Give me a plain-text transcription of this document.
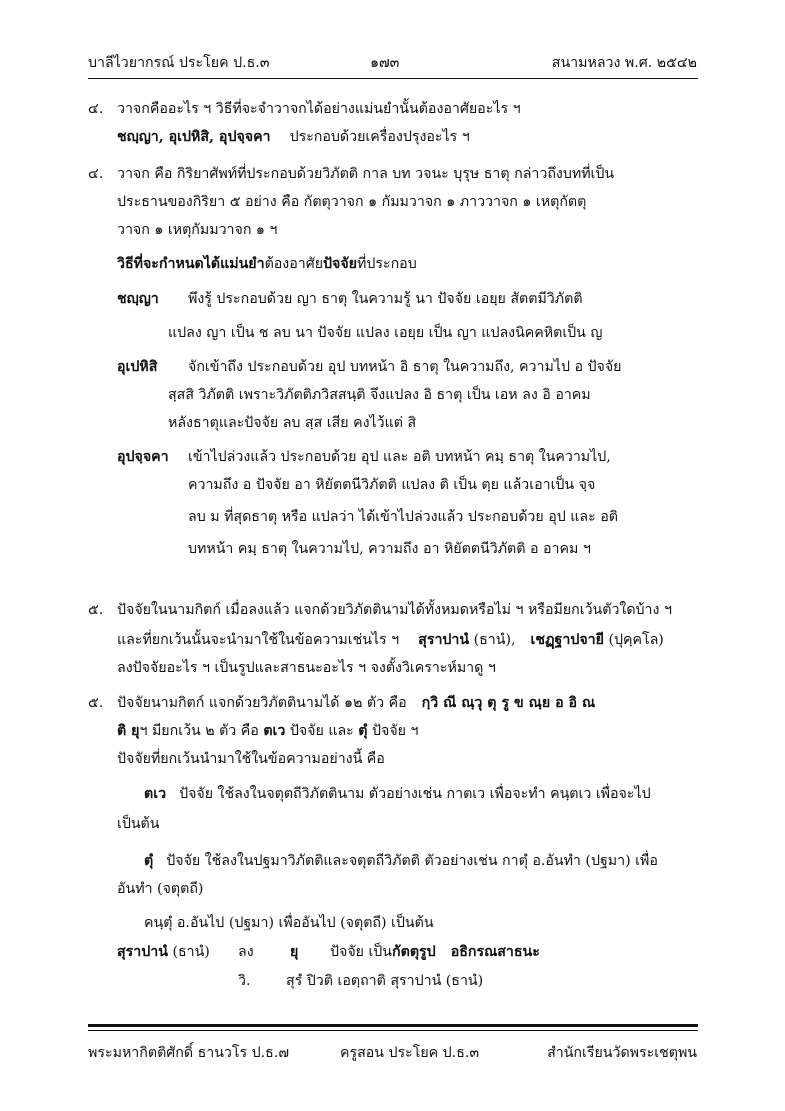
บาลีไวยากรณ์ ประโยค ป.ธ.๓	๑๗๓	สนามหลวง พ.ศ. ๒๕๔๒
๔. วาจกคืออะไร ฯ วิธีที่จะจำวาจกได้อย่างแม่นยำนั้นต้องอาศัยอะไร ฯ
ชญฺญา, อุเปหิสิ, อุปจฺจคา ประกอบด้วยเครื่องปรุงอะไร ฯ
๔. วาจก คือ กิริยาศัพท์ที่ประกอบด้วยวิภัตติ กาล บท วจนะ บุรุษ ธาตุ กล่าวถึงบทที่เป็น
ประธานของกิริยา ๕ อย่าง คือ กัตตุวาจก ๑ กัมมวาจก ๑ ภาววาจก ๑ เหตุกัตตุ
วาจก ๑ เหตุกัมมวาจก ๑ ฯ
วิธีที่จะกำหนดได้แม่นยำต้องอาศัยปัจจัยที่ประกอบ
ชญฺญา พึงรู้ ประกอบด้วย ญา ธาตุ ในความรู้ นา ปัจจัย เอยฺย สัตตมีวิภัตติ
แปลง ญา เป็น ช ลบ นา ปัจจัย แปลง เอยฺย เป็น ญา แปลงนิคคหิตเป็น ญ
อุเปหิสิ จักเข้าถึง ประกอบด้วย อุป บทหน้า อิ ธาตุ ในความถึง, ความไป อ ปัจจัย
สฺสสิ วิภัตติ เพราะวิภัตติภวิสสนฺติ จึงแปลง อิ ธาตุ เป็น เอห ลง อิ อาคม
หลังธาตุและปัจจัย ลบ สฺส เสีย คงไว้แต่ สิ
อุปจฺจคา เข้าไปล่วงแล้ว ประกอบด้วย อุป และ อติ บทหน้า คมฺ ธาตุ ในความไป,
ความถึง อ ปัจจัย อา หิยัตตนีวิภัตติ แปลง ติ เป็น ตฺย แล้วเอาเป็น จฺจ
ลบ ม ที่สุดธาตุ หรือ แปลว่า ได้เข้าไปล่วงแล้ว ประกอบด้วย อุป และ อติ
บทหน้า คมฺ ธาตุ ในความไป, ความถึง อา หิยัตตนีวิภัตติ อ อาคม ฯ
๕. ปัจจัยในนามกิตก์ เมื่อลงแล้ว แจกด้วยวิภัตตินามได้ทั้งหมดหรือไม่ ฯ หรือมียกเว้นตัวใดบ้าง ฯ
และที่ยกเว้นนั้นจะนำมาใช้ในข้อความเช่นไร ฯ สุราปานํ (ธานํ), เชฏฺฐาปจายี (ปุคฺคโล)
ลงปัจจัยอะไร ฯ เป็นรูปและสาธนะอะไร ฯ จงตั้งวิเคราะห์มาดู ฯ
๕. ปัจจัยนามกิตก์ แจกด้วยวิภัตตินามได้ ๑๒ ตัว คือ กฺวิ ณี ณฺวุ ตุ รู ข ณฺย อ อิ ณ
ติ ยุฯ มียกเว้น ๒ ตัว คือ ตเว ปัจจัย และ ตุํ ปัจจัย ฯ
ปัจจัยที่ยกเว้นนำมาใช้ในข้อความอย่างนี้ คือ
ตเว ปัจจัย ใช้ลงในจตุตถีวิภัตตินาม ตัวอย่างเช่น กาตเว เพื่อจะทำ คนฺตเว เพื่อจะไป
เป็นต้น
ตุํ ปัจจัย ใช้ลงในปฐมาวิภัตติและจตุตถีวิภัตติ ตัวอย่างเช่น กาตุํ อ.อันทำ (ปฐมา) เพื่อ
อันทำ (จตุตถี)
คนฺตุํ อ.อันไป (ปฐมา) เพื่ออันไป (จตุตถี) เป็นต้น
สุราปานํ (ธานํ) ลง	ยุ ปัจจัย เป็นกัตตุรูป อธิกรณสาธนะ
วิ.	สุรํ ปิวติ เอตฺถาติ สุราปานํ (ธานํ)
พระมหากิตติศักดิ์ ธานวโร ป.ธ.๗	ครูสอน ประโยค ป.ธ.๓	สำนักเรียนวัดพระเชตุพน
